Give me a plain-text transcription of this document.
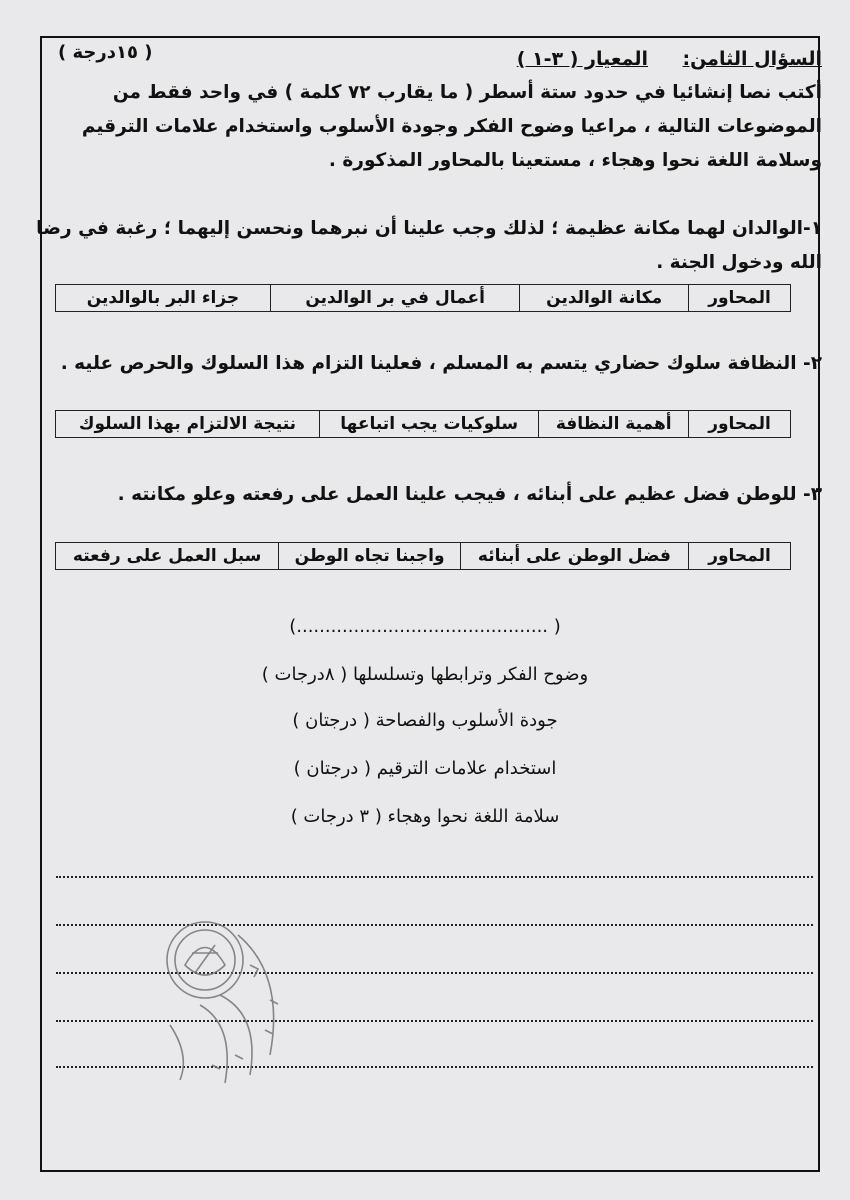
السؤال الثامن:
المعيار ( ٣-١ )
( ١٥درجة )
أكتب نصا إنشائيا في حدود ستة أسطر ( ما يقارب ٧٢ كلمة ) في واحد فقط من
الموضوعات التالية ، مراعيا وضوح الفكر وجودة الأسلوب واستخدام علامات الترقيم
وسلامة اللغة نحوا وهجاء ، مستعينا بالمحاور المذكورة .
١-الوالدان لهما مكانة عظيمة ؛ لذلك وجب علينا أن نبرهما ونحسن إليهما ؛ رغبة في رضا
الله ودخول الجنة .
المحاور	مكانة الوالدين	أعمال في بر الوالدين	جزاء البر بالوالدين
٢- النظافة سلوك حضاري يتسم به المسلم ، فعلينا التزام هذا السلوك والحرص عليه .
المحاور	أهمية النظافة	سلوكيات يجب اتباعها	نتيجة الالتزام بهذا السلوك
٣- للوطن فضل عظيم على أبنائه ، فيجب علينا العمل على رفعته وعلو مكانته .
المحاور	فضل الوطن على أبنائه	واجبنا تجاه الوطن	سبل العمل على رفعته
( ............................................)
وضوح الفكر وترابطها وتسلسلها ( ٨درجات )
جودة الأسلوب والفصاحة ( درجتان )
استخدام علامات الترقيم ( درجتان )
سلامة اللغة نحوا وهجاء ( ٣ درجات )
